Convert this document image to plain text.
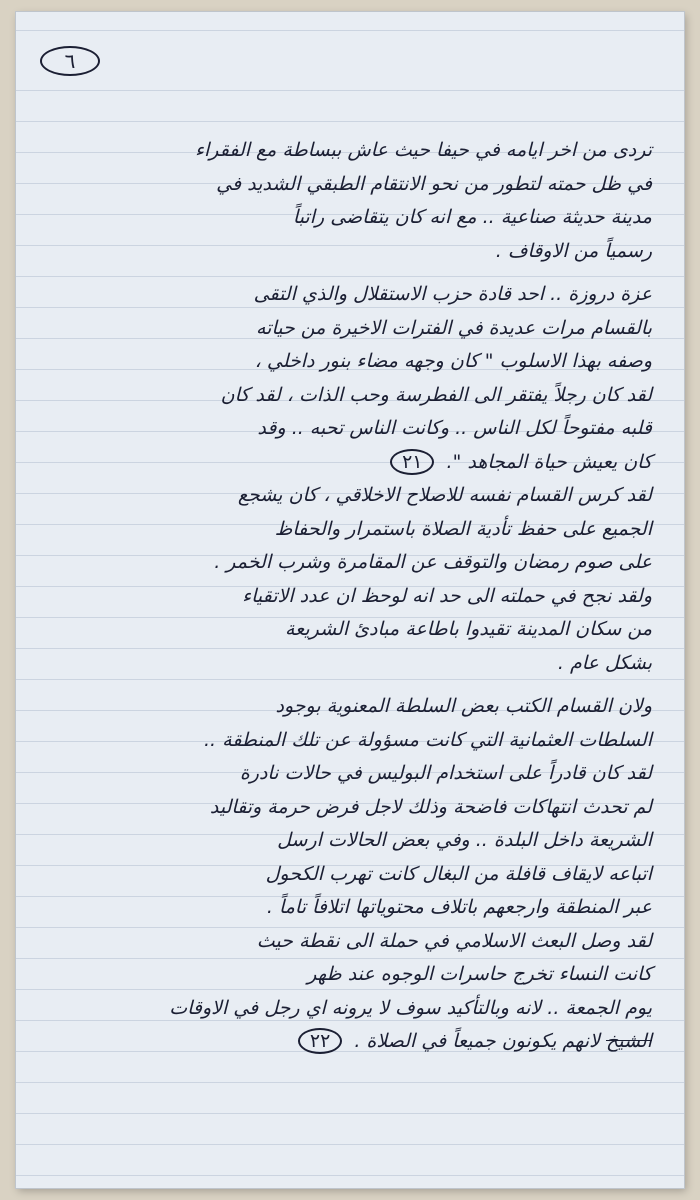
٦

تردى من اخر ايامه في حيفا حيث عاش ببساطة مع الفقراء
في ظل حمته لتطور من نحو الانتقام الطبقي الشديد في
مدينة حديثة صناعية .. مع انه كان يتقاضى راتباً
رسمياً من الاوقاف .

عزة دروزة .. احد قادة حزب الاستقلال والذي التقى
بالقسام مرات عديدة في الفترات الاخيرة من حياته
وصفه بهذا الاسلوب " كان وجهه مضاء بنور داخلي ،
لقد كان رجلاً يفتقر الى الفطرسة وحب الذات ، لقد كان
قلبه مفتوحاً لكل الناس .. وكانت الناس تحبه .. وقد
كان يعيش حياة المجاهد ". ٢١

لقد كرس القسام نفسه للاصلاح الاخلاقي ، كان يشجع
الجميع على حفظ تأدية الصلاة باستمرار والحفاظ
على صوم رمضان والتوقف عن المقامرة وشرب الخمر .
ولقد نجح في حملته الى حد انه لوحظ ان عدد الاتقياء
من سكان المدينة تقيدوا باطاعة مبادئ الشريعة
بشكل عام .

ولان القسام الكتب بعض السلطة المعنوية بوجود
السلطات العثمانية التي كانت مسؤولة عن تلك المنطقة ..
لقد كان قادراً على استخدام البوليس في حالات نادرة
لم تحدث انتهاكات فاضحة وذلك لاجل فرض حرمة وتقاليد
الشريعة داخل البلدة .. وفي بعض الحالات ارسل
اتباعه لايقاف قافلة من البغال كانت تهرب الكحول
عبر المنطقة وارجعهم باتلاف محتوياتها اتلافاً تاماً .

لقد وصل البعث الاسلامي في حملة الى نقطة حيث
كانت النساء تخرج حاسرات الوجوه عند ظهر
يوم الجمعة .. لانه وبالتأكيد سوف لا يرونه اي رجل في الاوقات
الشيخ لانهم يكونون جميعاً في الصلاة . ٢٢
